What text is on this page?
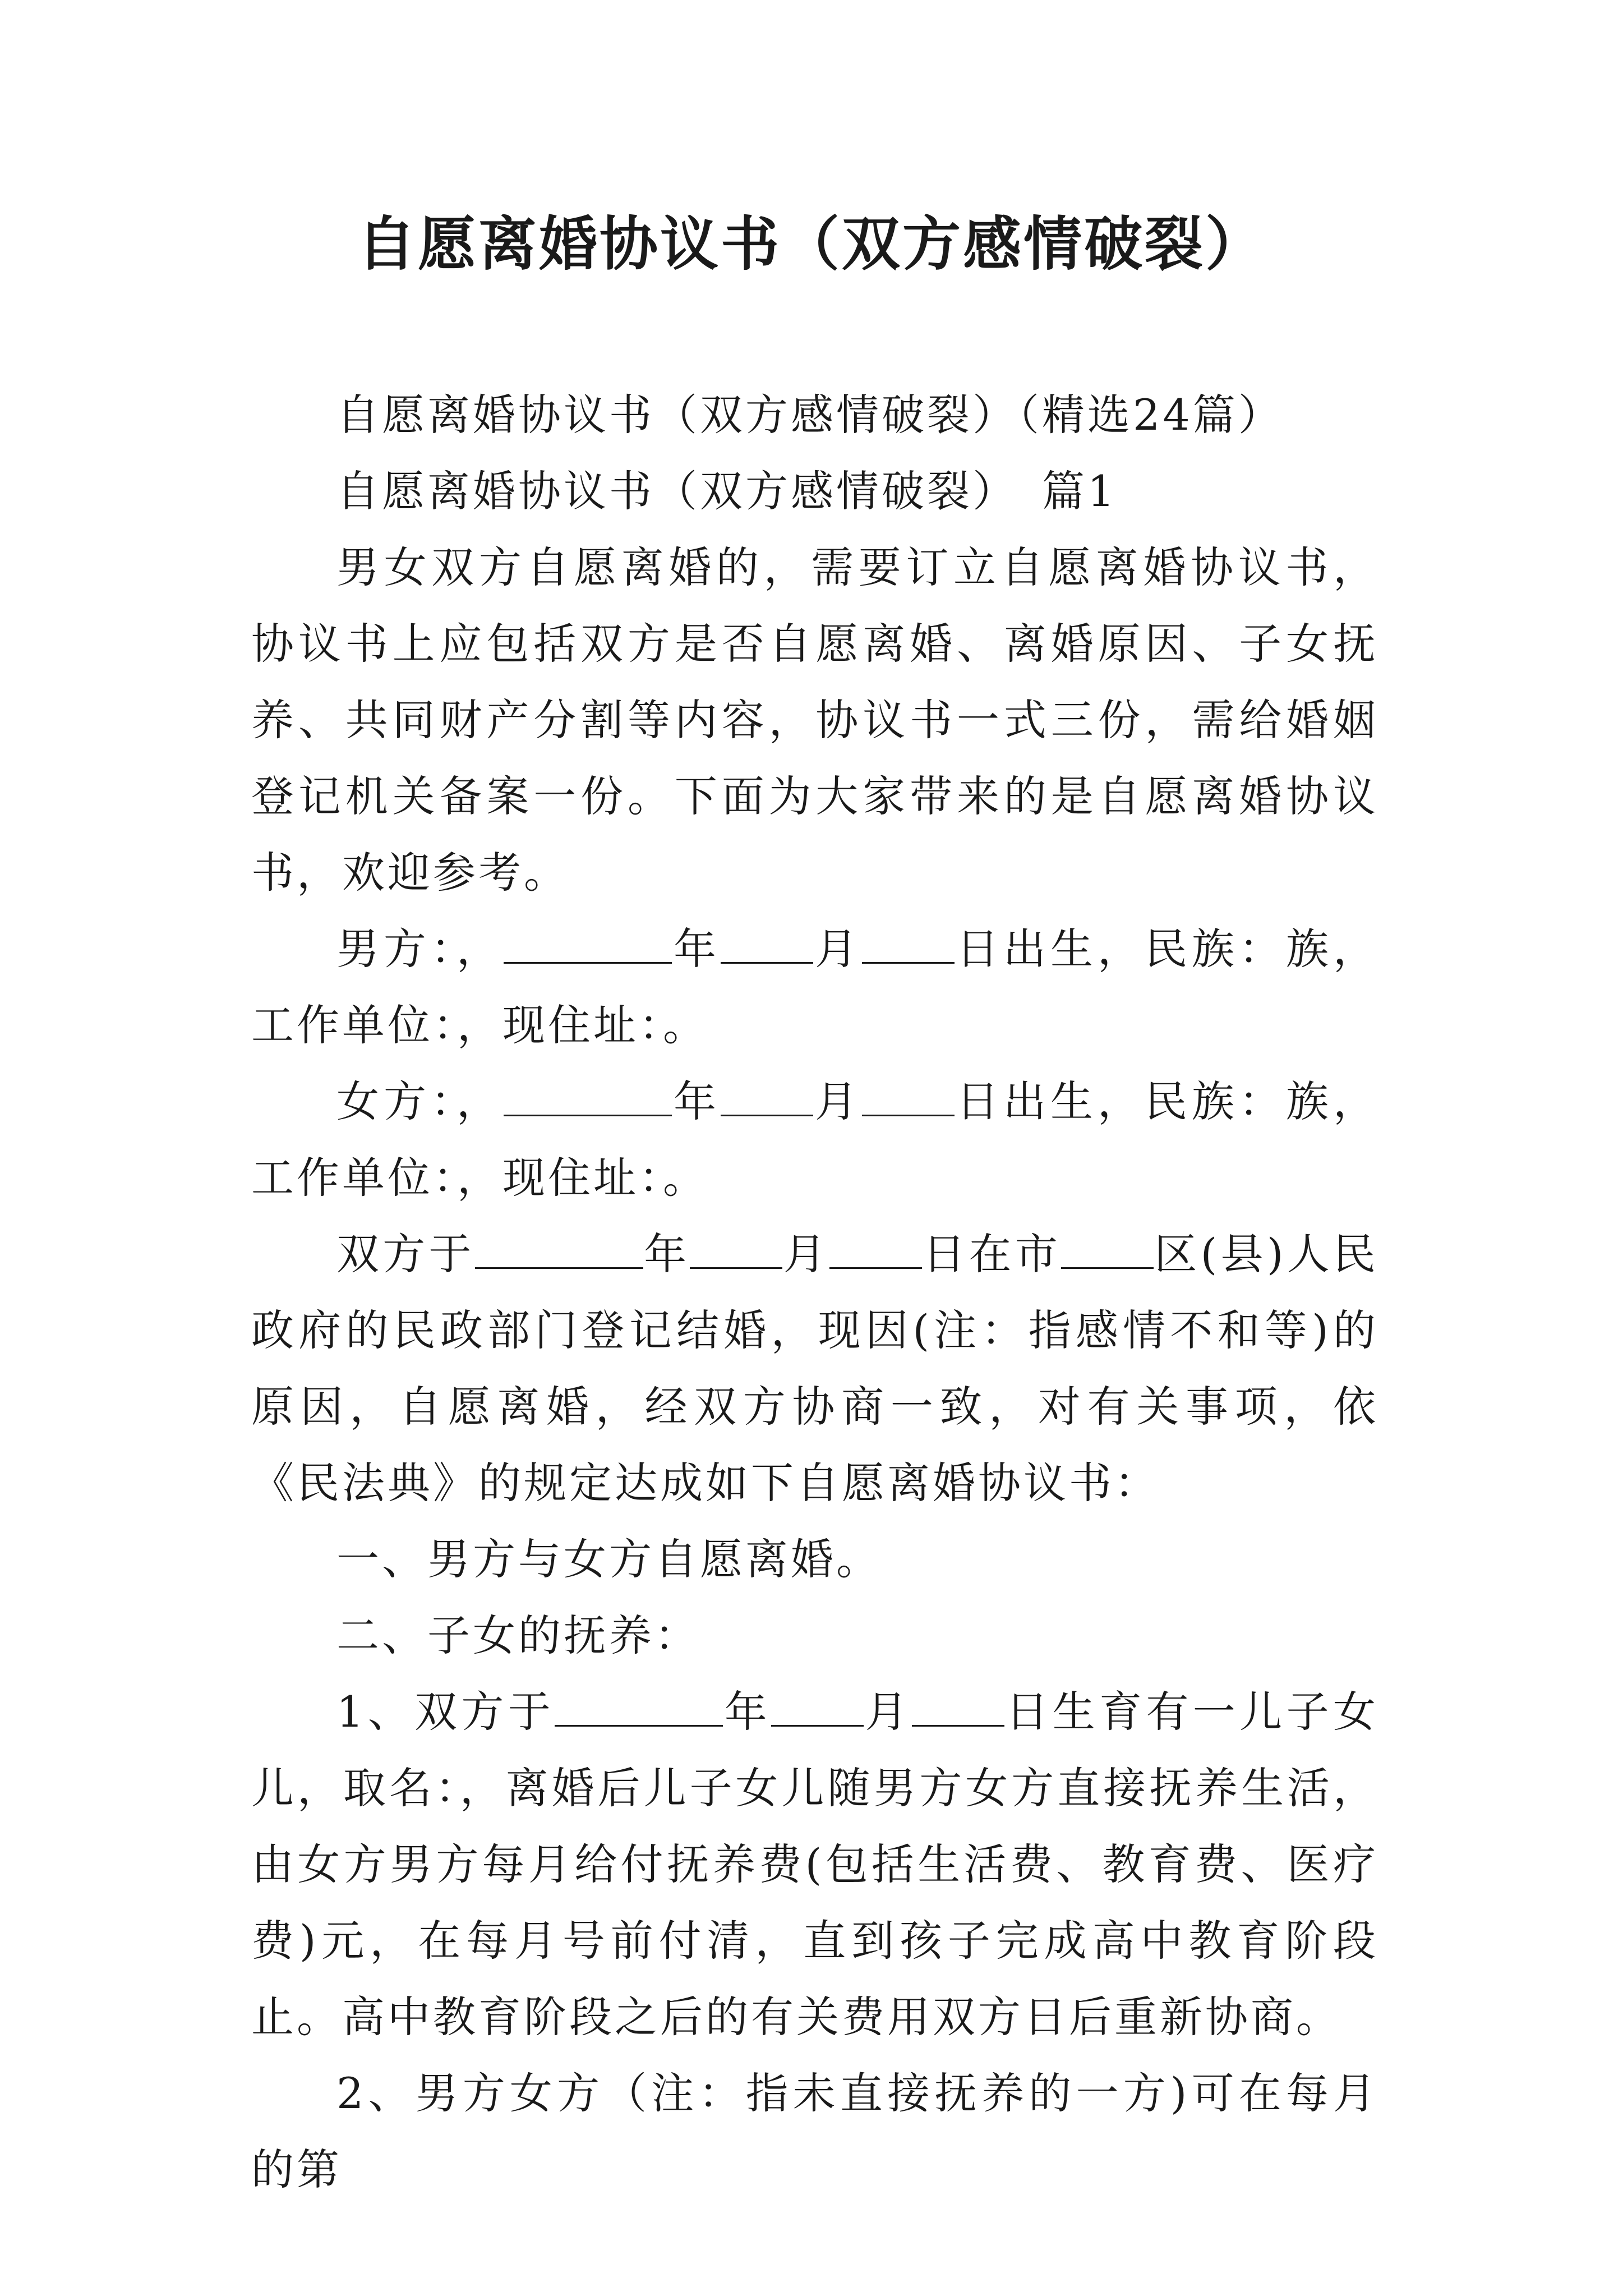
自愿离婚协议书（双方感情破裂）

自愿离婚协议书（双方感情破裂）（精选24篇）

自愿离婚协议书（双方感情破裂）　篇1

男女双方自愿离婚的，需要订立自愿离婚协议书，协议书上应包括双方是否自愿离婚、离婚原因、子女抚养、共同财产分割等内容，协议书一式三份，需给婚姻登记机关备案一份。下面为大家带来的是自愿离婚协议书，欢迎参考。

男方：，	年 月 日出生，民族：族，工作单位：，现住址：。

女方：，	年 月 日出生，民族：族，工作单位：，现住址：。

双方于	年 月 日在市 区(县)人民政府的民政部门登记结婚，现因(注：指感情不和等)的原因，自愿离婚，经双方协商一致，对有关事项，依《民法典》的规定达成如下自愿离婚协议书：

一、男方与女方自愿离婚。

二、子女的抚养：

1、双方于	年 月 日生育有一儿子女儿，取名：，离婚后儿子女儿随男方女方直接抚养生活，由女方男方每月给付抚养费(包括生活费、教育费、医疗费)元，在每月号前付清，直到孩子完成高中教育阶段止。高中教育阶段之后的有关费用双方日后重新协商。

2、男方女方（注：指未直接抚养的一方)可在每月的第
